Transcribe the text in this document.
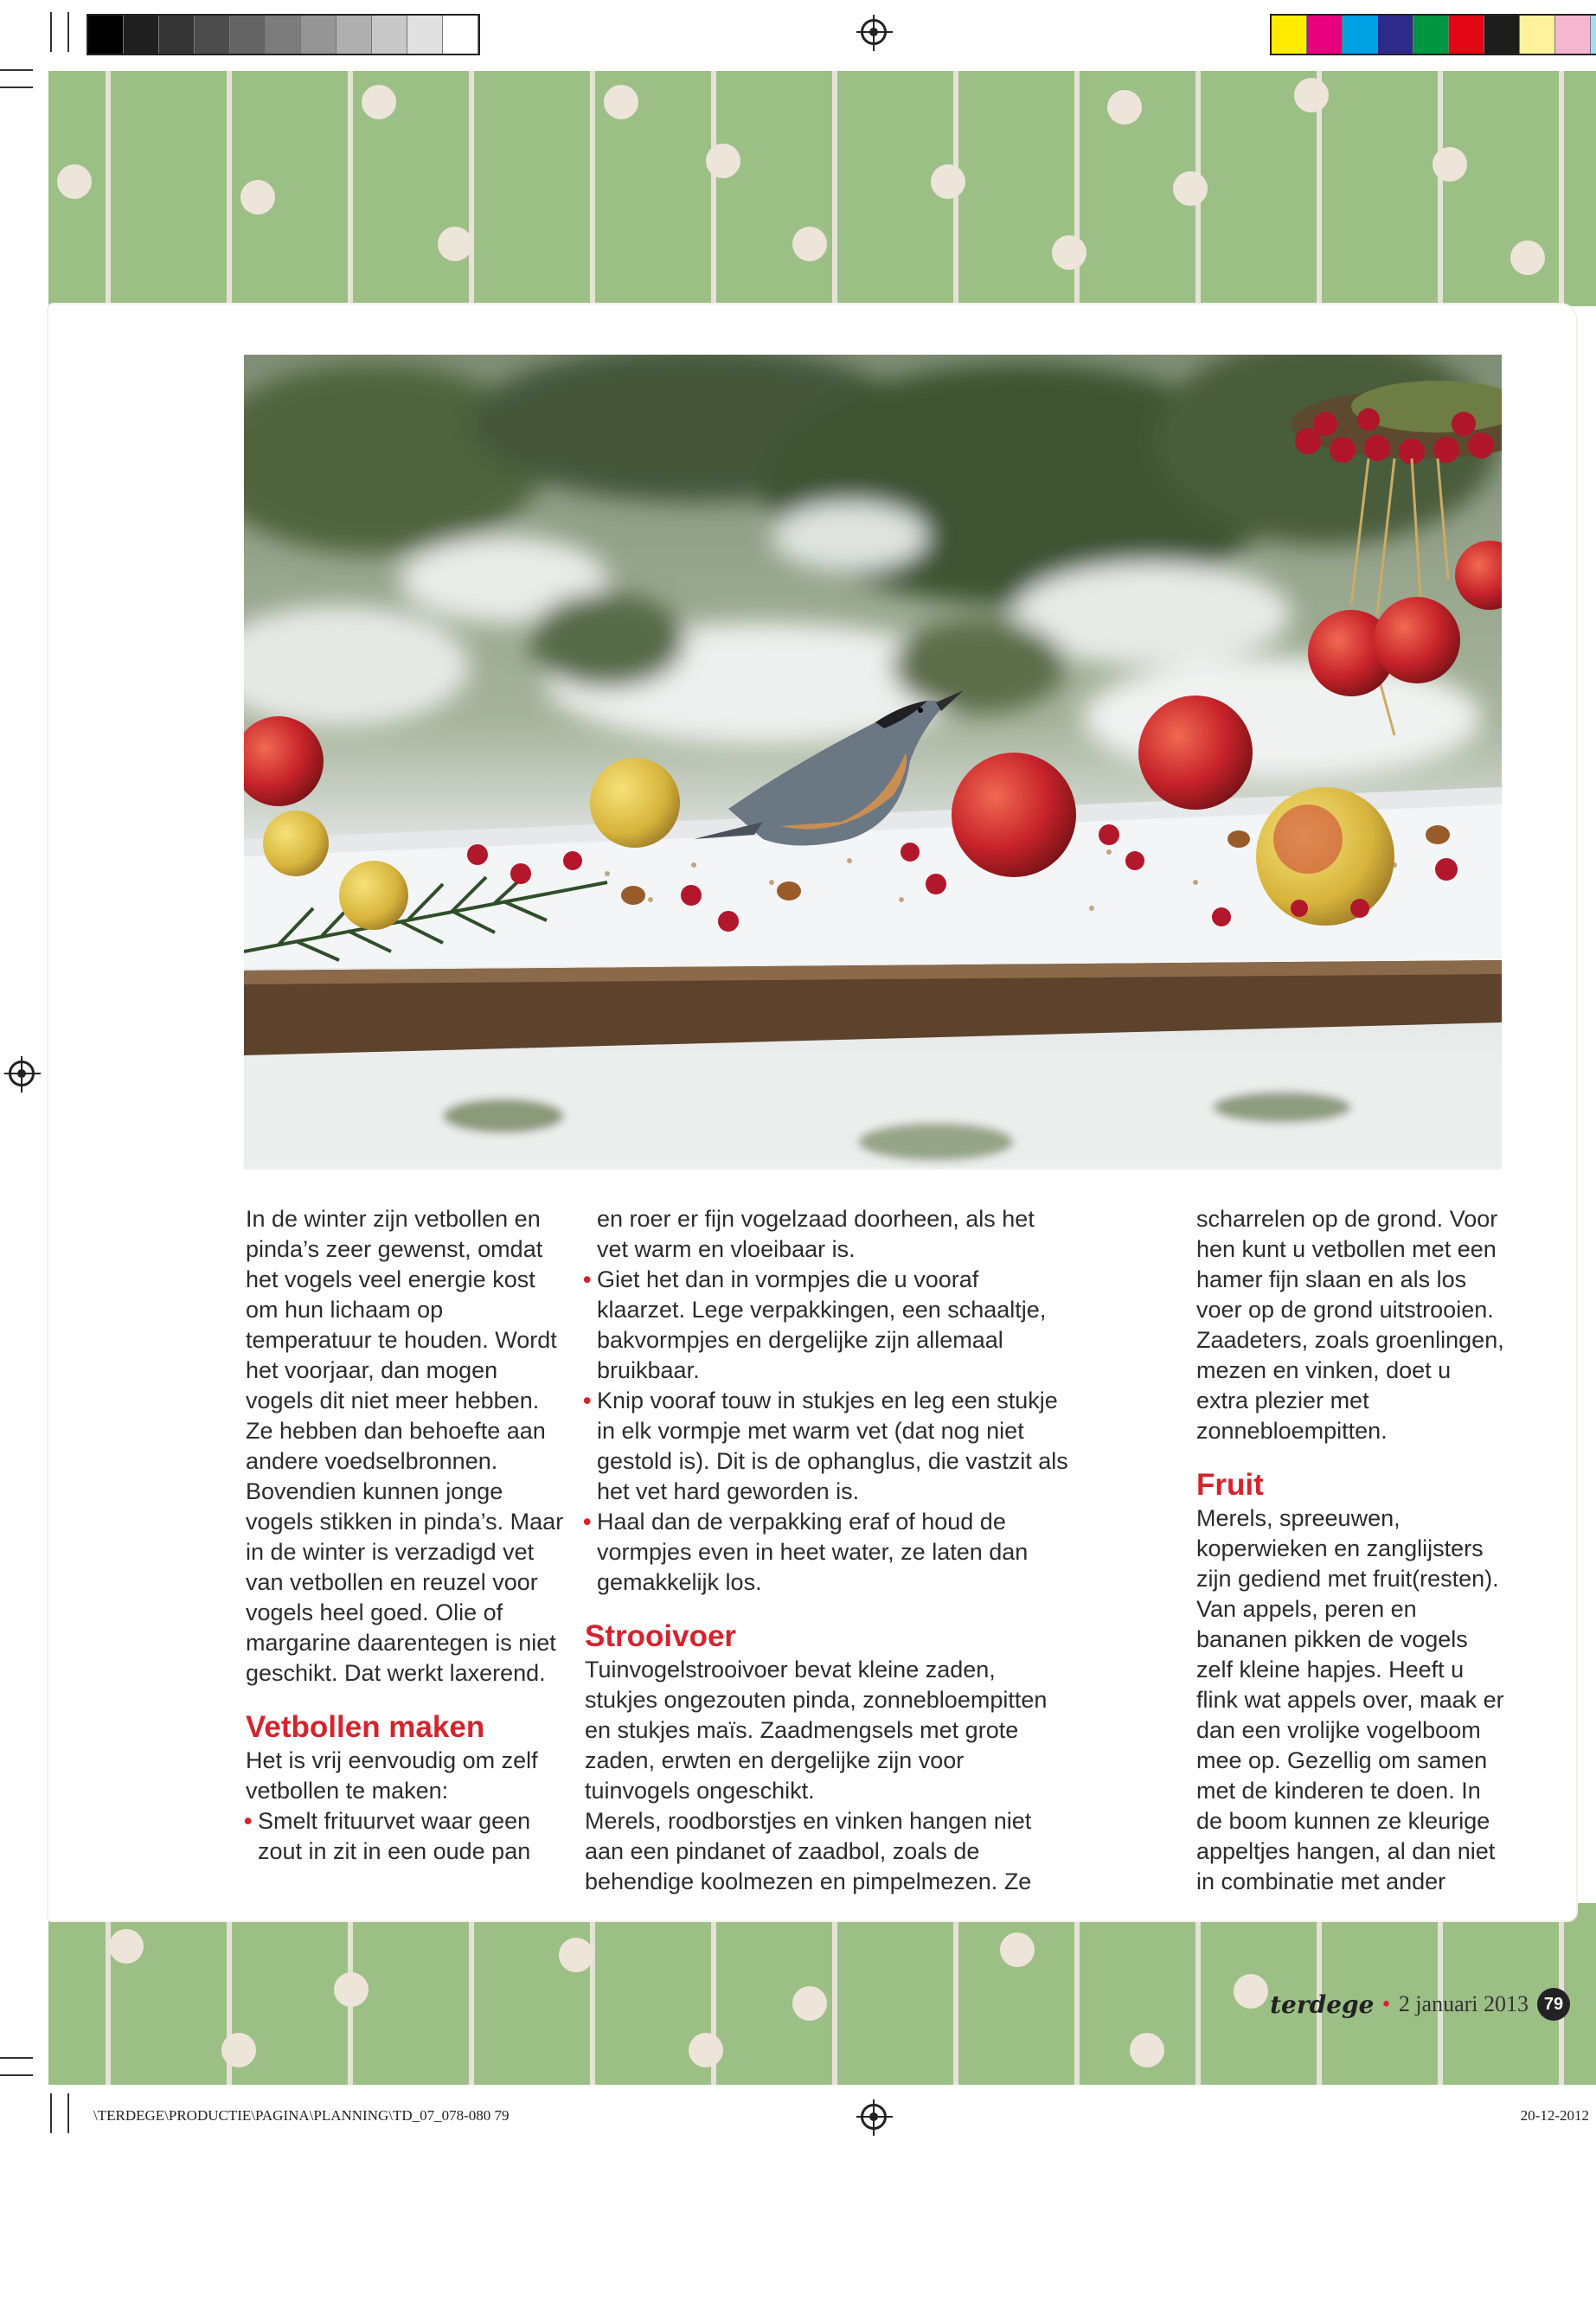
In de winter zijn vetbollen en pinda’s zeer gewenst, omdat het vogels veel energie kost om hun lichaam op temperatuur te houden. Wordt het voorjaar, dan mogen vogels dit niet meer hebben. Ze hebben dan behoefte aan andere voedselbronnen. Bovendien kunnen jonge vogels stikken in pinda’s. Maar in de winter is verzadigd vet van vetbollen en reuzel voor vogels heel goed. Olie of margarine daarentegen is niet geschikt. Dat werkt laxerend.

Vetbollen maken

Het is vrij eenvoudig om zelf vetbollen te maken:

• Smelt frituurvet waar geen zout in zit in een oude pan

en roer er fijn vogelzaad doorheen, als het vet warm en vloeibaar is.

• Giet het dan in vormpjes die u vooraf klaarzet. Lege verpakkingen, een schaaltje, bakvormpjes en dergelijke zijn allemaal bruikbaar.

• Knip vooraf touw in stukjes en leg een stukje in elk vormpje met warm vet (dat nog niet gestold is). Dit is de ophanglus, die vastzit als het vet hard geworden is.

• Haal dan de verpakking eraf of houd de vormpjes even in heet water, ze laten dan gemakkelijk los.

Strooivoer

Tuinvogelstrooivoer bevat kleine zaden, stukjes ongezouten pinda, zonnebloempitten en stukjes maïs. Zaadmengsels met grote zaden, erwten en dergelijke zijn voor tuinvogels ongeschikt.

Merels, roodborstjes en vinken hangen niet aan een pindanet of zaadbol, zoals de behendige koolmezen en pimpelmezen. Ze

scharrelen op de grond. Voor hen kunt u vetbollen met een hamer fijn slaan en als los voer op de grond uitstrooien. Zaadeters, zoals groenlingen, mezen en vinken, doet u extra plezier met zonnebloempitten.

Fruit

Merels, spreeuwen, koperwieken en zanglijsters zijn gediend met fruit(resten). Van appels, peren en bananen pikken de vogels zelf kleine hapjes. Heeft u flink wat appels over, maak er dan een vrolijke vogelboom mee op. Gezellig om samen met de kinderen te doen. In de boom kunnen ze kleurige appeltjes hangen, al dan niet in combinatie met ander

terdege • 2 januari 2013 79
\TERDEGE\PRODUCTIE\PAGINA\PLANNING\TD_07_078-080 79	20-12-2012
